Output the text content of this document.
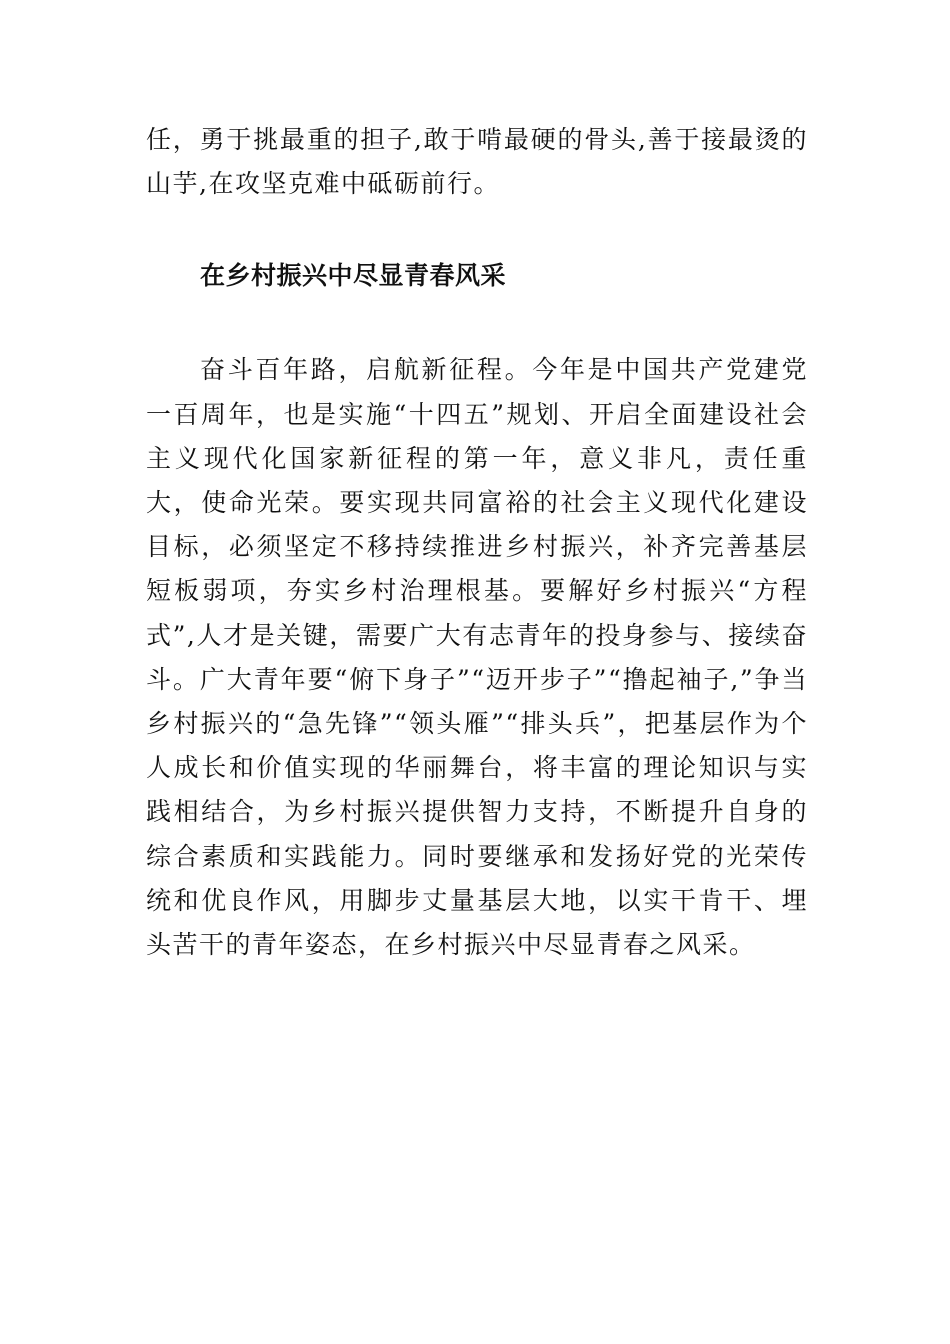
任，勇于挑最重的担子,敢于啃最硬的骨头,善于接最烫的山芋,在攻坚克难中砥砺前行。

在乡村振兴中尽显青春风采

奋斗百年路，启航新征程。今年是中国共产党建党一百周年，也是实施“十四五”规划、开启全面建设社会主义现代化国家新征程的第一年，意义非凡，责任重大，使命光荣。要实现共同富裕的社会主义现代化建设目标，必须坚定不移持续推进乡村振兴，补齐完善基层短板弱项，夯实乡村治理根基。要解好乡村振兴“方程式”,人才是关键，需要广大有志青年的投身参与、接续奋斗。广大青年要“俯下身子”“迈开步子”“撸起袖子,”争当乡村振兴的“急先锋”“领头雁”“排头兵”，把基层作为个人成长和价值实现的华丽舞台，将丰富的理论知识与实践相结合，为乡村振兴提供智力支持，不断提升自身的综合素质和实践能力。同时要继承和发扬好党的光荣传统和优良作风，用脚步丈量基层大地，以实干肯干、埋头苦干的青年姿态，在乡村振兴中尽显青春之风采。
